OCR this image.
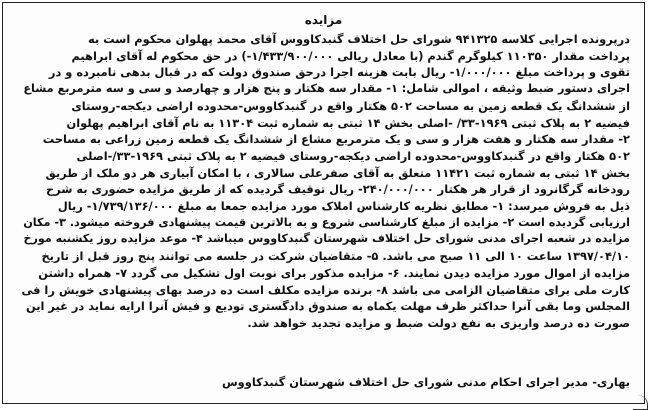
مزایده
درپرونده اجرایی کلاسه ۹۴۱۳۲۵ شورای حل اختلاف گنبدکاووس آقای محمد پهلوان محکوم است به
پرداخت مقدار ۱۱۰۳۵۰ کیلوگرم گندم (با معادل ریالی ۱/۴۳۳/۹۰۰/۰۰۰-) در حق محکوم له آقای ابراهیم
تقوی و پرداخت مبلغ ۱/۰۰۰/۰۰۰- ریال بابت هزینه اجرا درحق صندوق دولت که در قبال بدهی نامبرده و در
اجرای دستور ضبط وثیقه ، اموالی شامل: ۱- مقدار سه هکتار و پنج هزار و چهارصد و سی و سه مترمربع مشاع
از ششدانگ یک قطعه زمین به مساحت ۵۰۲ هکتار واقع در گنبدکاووس-محدوده اراضی دیکجه-روستای
فیضیه ۲ به پلاک ثبتی ۱۹۶۹-۳۳/ -اصلی بخش ۱۴ ثبتی به شماره ثبت ۱۱۳۰۴ به نام آقای ابراهیم پهلوان
۲- مقدار سه هکتار و هفت هزار و سی و یک مترمربع مشاع از ششدانگ یک قطعه زمین زراعی به مساحت
۵۰۲ هکتار واقع در گنبدکاووس-محدوده اراضی دیکجه-روستای فیضیه ۲ به پلاک ثبتی ۱۹۶۹-۳۳/-اصلی
بخش ۱۴ ثبتی به شماره ثبت ۱۱۴۲۱ متعلق به آقای صفرعلی سالاری ، با امکان آبیاری هر دو ملک از طریق
رودخانه گرگانرود از قرار هر هکتار ۲۴۰/۰۰۰/۰۰۰- ریال توقیف گردیده که از طریق مزایده حضوری به شرح
ذیل به فروش میرسد: ۱- مطابق نظریه کارشناس املاک مورد مزایده جمعا به مبلغ ۱/۷۳۹/۱۳۶/۰۰۰- ریال
ارزیابی گردیده است ۲- مزایده از مبلغ کارشناسی شروع و به بالاترین قیمت پیشنهادی فروخته میشود. ۳- مکان
مزایده در شعبه اجرای مدنی شورای حل اختلاف شهرستان گنبدکاووس میباشد ۴- موعد مزایده روز یکشنبه مورخ
۱۳۹۷/۰۴/۱۰ ساعت ۱۰ الی ۱۱ صبح می باشد. ۵- متقاضیان شرکت در جلسه می توانند پنج روز قبل از تاریخ
مزایده از اموال مورد مزایده دیدن نمایند. ۶- مزایده مذکور برای نوبت اول تشکیل می گردد ۷- همراه داشتن
کارت ملی برای متقاضیان الزامی می باشد ۸- برنده مزایده مکلف است ده درصد بهای پیشنهادی خویش را فی
المجلس وما بقی آنرا حداکثر ظرف مهلت یکماه به صندوق دادگستری تودیع و فیش آنرا ارایه نماید در غیر این
صورت ده درصد واریزی به نفع دولت ضبط و مزایده تجدید خواهد شد.
بهاری- مدیر اجرای احکام مدنی شورای حل اختلاف شهرستان گنبدکاووس
